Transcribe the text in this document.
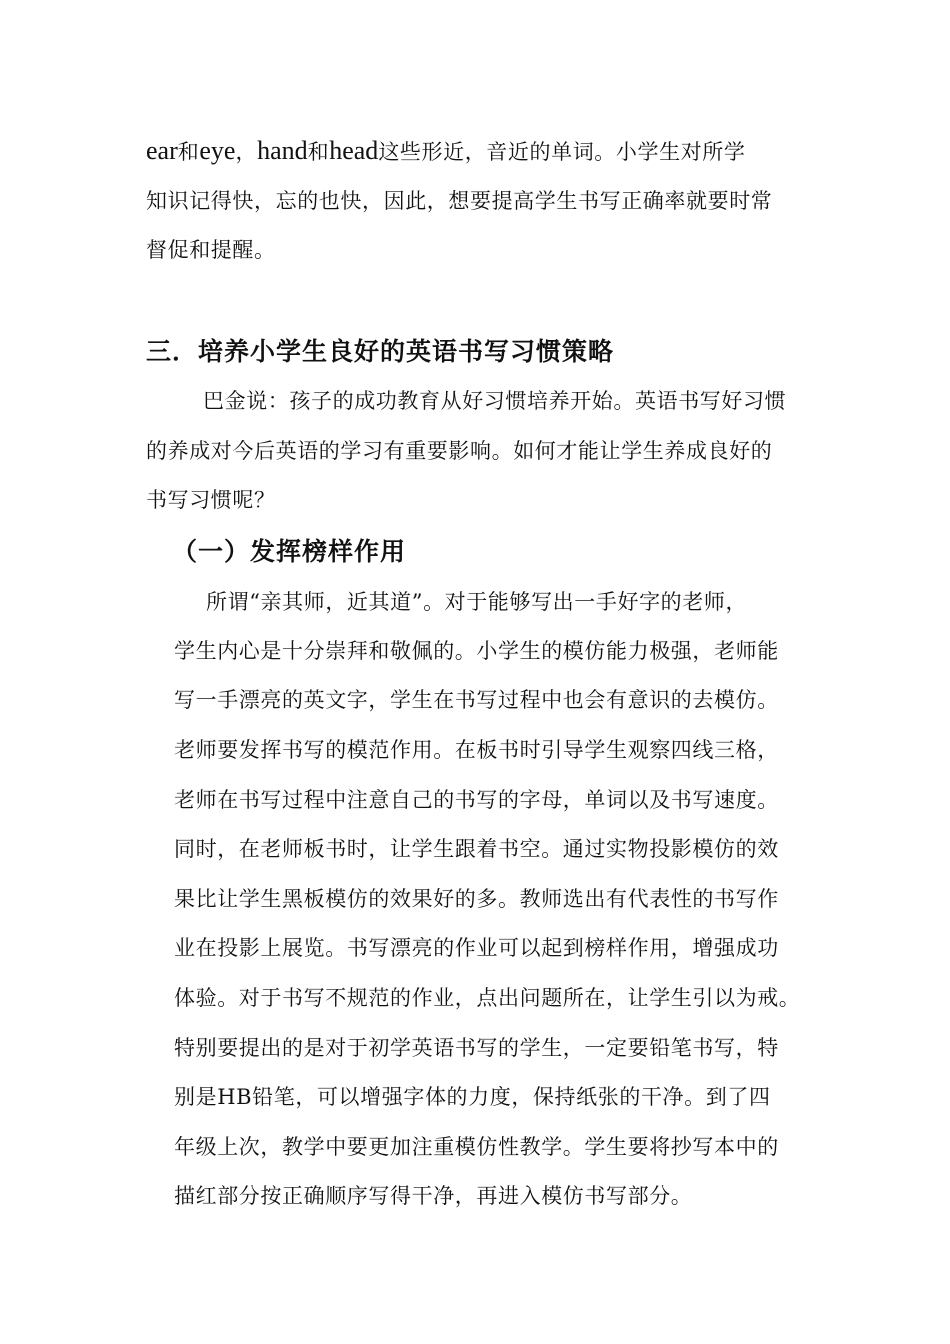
ear和eye，hand和head这些形近，音近的单词。小学生对所学
知识记得快，忘的也快，因此，想要提高学生书写正确率就要时常
督促和提醒。
三．培养小学生良好的英语书写习惯策略
巴金说：孩子的成功教育从好习惯培养开始。英语书写好习惯
的养成对今后英语的学习有重要影响。如何才能让学生养成良好的
书写习惯呢？
（一）发挥榜样作用
所谓“亲其师，近其道”。对于能够写出一手好字的老师，
学生内心是十分崇拜和敬佩的。小学生的模仿能力极强，老师能
写一手漂亮的英文字，学生在书写过程中也会有意识的去模仿。
老师要发挥书写的模范作用。在板书时引导学生观察四线三格，
老师在书写过程中注意自己的书写的字母，单词以及书写速度。
同时，在老师板书时，让学生跟着书空。通过实物投影模仿的效
果比让学生黑板模仿的效果好的多。教师选出有代表性的书写作
业在投影上展览。书写漂亮的作业可以起到榜样作用，增强成功
体验。对于书写不规范的作业，点出问题所在，让学生引以为戒。
特别要提出的是对于初学英语书写的学生，一定要铅笔书写，特
别是HB铅笔，可以增强字体的力度，保持纸张的干净。到了四
年级上次，教学中要更加注重模仿性教学。学生要将抄写本中的
描红部分按正确顺序写得干净，再进入模仿书写部分。
